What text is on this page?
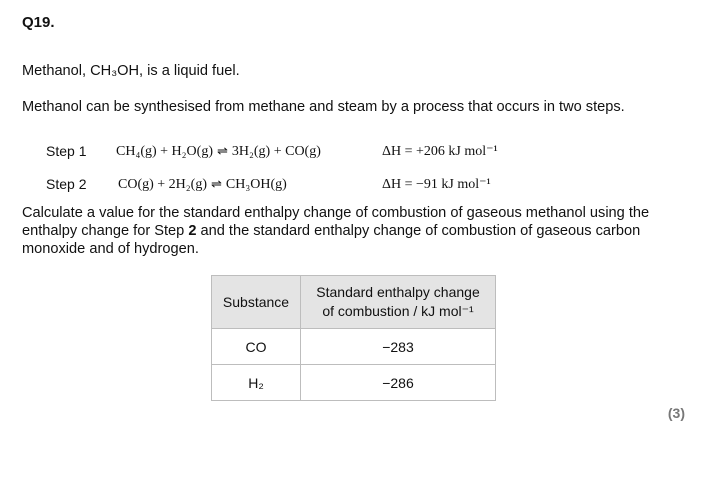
Q19.
Methanol, CH₃OH, is a liquid fuel.
Methanol can be synthesised from methane and steam by a process that occurs in two steps.
Step 1 CH₄(g) + H₂O(g) ⇌ 3H₂(g) + CO(g)	ΔH = +206 kJ mol⁻¹
Step 2 CO(g) + 2H₂(g) ⇌ CH₃OH(g)	ΔH = −91 kJ mol⁻¹
Calculate a value for the standard enthalpy change of combustion of gaseous methanol using the enthalpy change for Step 2 and the standard enthalpy change of combustion of gaseous carbon monoxide and of hydrogen.
Substance	Standard enthalpy change
of combustion / kJ mol⁻¹

CO	−283
H₂	−286
(3)
